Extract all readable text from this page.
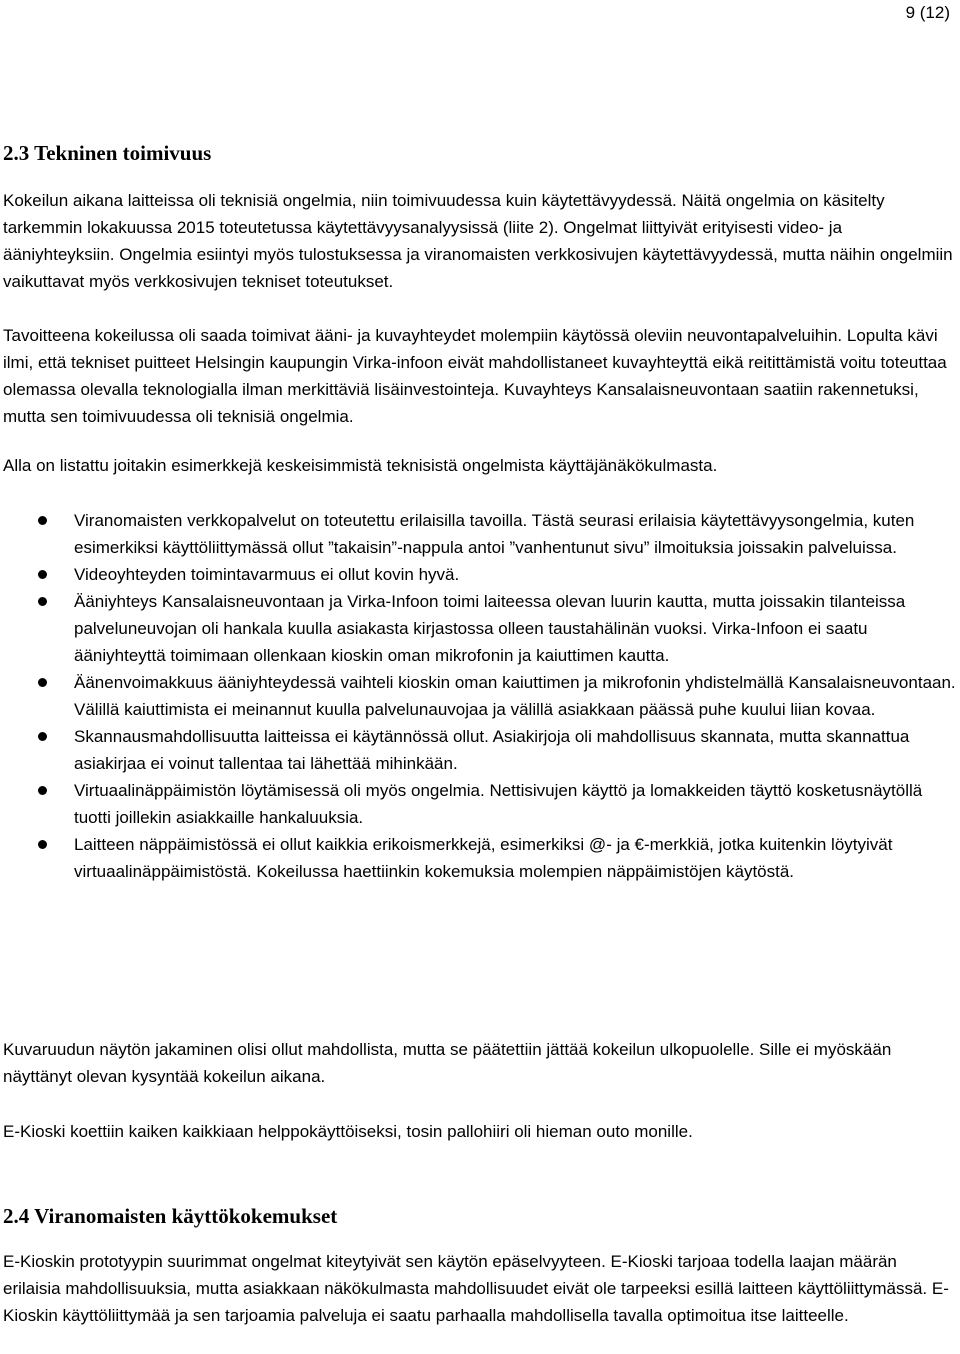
9 (12)
2.3 Tekninen toimivuus

Kokeilun aikana laitteissa oli teknisiä ongelmia, niin toimivuudessa kuin käytettävyydessä. Näitä ongelmia on käsitelty tarkemmin lokakuussa 2015 toteutetussa käytettävyysanalyysissä (liite 2). Ongelmat liittyivät erityisesti video- ja ääniyhteyksiin. Ongelmia esiintyi myös tulostuksessa ja viranomaisten verkkosivujen käytettävyydessä, mutta näihin ongelmiin vaikuttavat myös verkkosivujen tekniset toteutukset.

Tavoitteena kokeilussa oli saada toimivat ääni- ja kuvayhteydet molempiin käytössä oleviin neuvontapalveluihin. Lopulta kävi ilmi, että tekniset puitteet Helsingin kaupungin Virka-infoon eivät mahdollistaneet kuvayhteyttä eikä reitittämistä voitu toteuttaa olemassa olevalla teknologialla ilman merkittäviä lisäinvestointeja. Kuvayhteys Kansalaisneuvontaan saatiin rakennetuksi, mutta sen toimivuudessa oli teknisiä ongelmia.

Alla on listattu joitakin esimerkkejä keskeisimmistä teknisistä ongelmista käyttäjänäkökulmasta.

Viranomaisten verkkopalvelut on toteutettu erilaisilla tavoilla. Tästä seurasi erilaisia käytettävyysongelmia, kuten esimerkiksi käyttöliittymässä ollut ”takaisin”-nappula antoi ”vanhentunut sivu” ilmoituksia joissakin palveluissa.
Videoyhteyden toimintavarmuus ei ollut kovin hyvä.
Ääniyhteys Kansalaisneuvontaan ja Virka-Infoon toimi laiteessa olevan luurin kautta, mutta joissakin tilanteissa palveluneuvojan oli hankala kuulla asiakasta kirjastossa olleen taustahälinän vuoksi. Virka-Infoon ei saatu ääniyhteyttä toimimaan ollenkaan kioskin oman mikrofonin ja kaiuttimen kautta.
Äänenvoimakkuus ääniyhteydessä vaihteli kioskin oman kaiuttimen ja mikrofonin yhdistelmällä Kansalaisneuvontaan. Välillä kaiuttimista ei meinannut kuulla palvelunauvojaa ja välillä asiakkaan päässä puhe kuului liian kovaa.
Skannausmahdollisuutta laitteissa ei käytännössä ollut. Asiakirjoja oli mahdollisuus skannata, mutta skannattua asiakirjaa ei voinut tallentaa tai lähettää mihinkään.
Virtuaalinäppäimistön löytämisessä oli myös ongelmia. Nettisivujen käyttö ja lomakkeiden täyttö kosketusnäytöllä tuotti joillekin asiakkaille hankaluuksia.
Laitteen näppäimistössä ei ollut kaikkia erikoismerkkejä, esimerkiksi @- ja €-merkkiä, jotka kuitenkin löytyivät virtuaalinäppäimistöstä. Kokeilussa haettiinkin kokemuksia molempien näppäimistöjen käytöstä.

Kuvaruudun näytön jakaminen olisi ollut mahdollista, mutta se päätettiin jättää kokeilun ulkopuolelle. Sille ei myöskään näyttänyt olevan kysyntää kokeilun aikana.

E-Kioski koettiin kaiken kaikkiaan helppokäyttöiseksi, tosin pallohiiri oli hieman outo monille.

2.4 Viranomaisten käyttökokemukset

E-Kioskin prototyypin suurimmat ongelmat kiteytyivät sen käytön epäselvyyteen. E-Kioski tarjoaa todella laajan määrän erilaisia mahdollisuuksia, mutta asiakkaan näkökulmasta mahdollisuudet eivät ole tarpeeksi esillä laitteen käyttöliittymässä. E-Kioskin käyttöliittymää ja sen tarjoamia palveluja ei saatu parhaalla mahdollisella tavalla optimoitua itse laitteelle.
